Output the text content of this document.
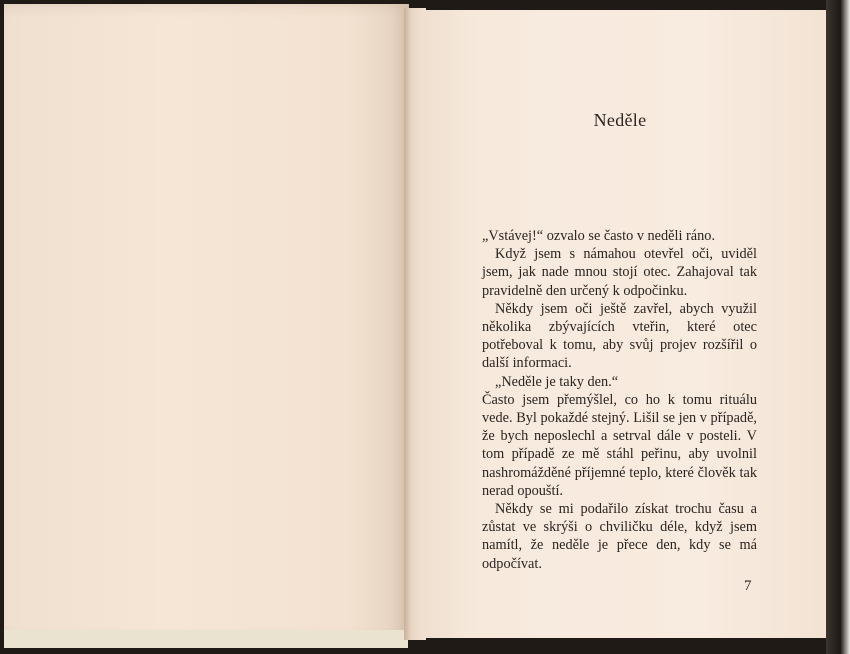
Neděle

„Vstávej!“ ozvalo se často v neděli ráno.

Když jsem s námahou otevřel oči, uviděl jsem, jak nade mnou stojí otec. Zahajoval tak pravidelně den určený k odpočinku.

Někdy jsem oči ještě zavřel, abych využil několika zbývajících vteřin, které otec potřeboval k tomu, aby svůj projev rozšířil o další informaci.

„Neděle je taky den.“

Často jsem přemýšlel, co ho k tomu rituálu vede. Byl pokaždé stejný. Lišil se jen v případě, že bych neposlechl a setrval dále v posteli. V tom případě ze mě stáhl peřinu, aby uvolnil nashromážděné příjemné teplo, které člověk tak nerad opouští.

Někdy se mi podařilo získat trochu času a zůstat ve skrýši o chviličku déle, když jsem namítl, že neděle je přece den, kdy se má odpočívat.

7
